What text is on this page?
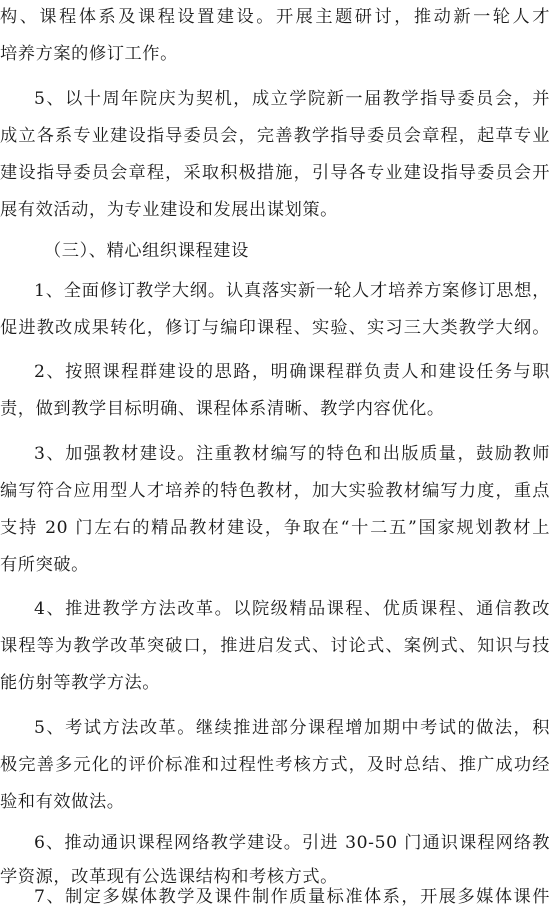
构、课程体系及课程设置建设。开展主题研讨，推动新一轮人才
培养方案的修订工作。
5、以十周年院庆为契机，成立学院新一届教学指导委员会，并
成立各系专业建设指导委员会，完善教学指导委员会章程，起草专业
建设指导委员会章程，采取积极措施，引导各专业建设指导委员会开
展有效活动，为专业建设和发展出谋划策。
（三）、精心组织课程建设
1、全面修订教学大纲。认真落实新一轮人才培养方案修订思想，
促进教改成果转化，修订与编印课程、实验、实习三大类教学大纲。
2、按照课程群建设的思路，明确课程群负责人和建设任务与职
责，做到教学目标明确、课程体系清晰、教学内容优化。
3、加强教材建设。注重教材编写的特色和出版质量，鼓励教师
编写符合应用型人才培养的特色教材，加大实验教材编写力度，重点
支持 20 门左右的精品教材建设，争取在“十二五”国家规划教材上
有所突破。
4、推进教学方法改革。以院级精品课程、优质课程、通信教改
课程等为教学改革突破口，推进启发式、讨论式、案例式、知识与技
能仿射等教学方法。
5、考试方法改革。继续推进部分课程增加期中考试的做法，积
极完善多元化的评价标准和过程性考核方式，及时总结、推广成功经
验和有效做法。
6、推动通识课程网络教学建设。引进 30-50 门通识课程网络教
学资源，改革现有公选课结构和考核方式。
7、制定多媒体教学及课件制作质量标准体系，开展多媒体课件
